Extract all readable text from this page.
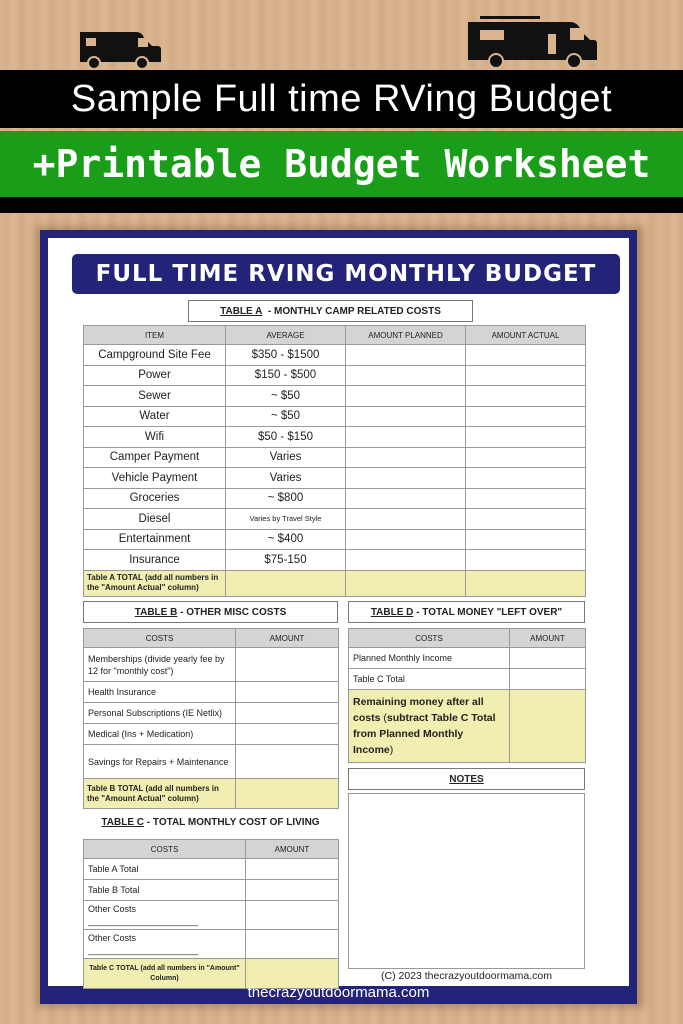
Sample Full time RVing Budget
+Printable Budget Worksheet
FULL TIME RVING MONTHLY BUDGET
TABLE A
- MONTHLY CAMP RELATED COSTS
ITEM	AVERAGE	AMOUNT PLANNED	AMOUNT ACTUAL
Campground Site Fee	$350 - $1500		
Power	$150 - $500		
Sewer	~ $50		
Water	~ $50		
Wifi	$50 - $150		
Camper Payment	Varies		
Vehicle Payment	Varies		
Groceries	~ $800		
Diesel	Varies by Travel Style		
Entertainment	~ $400		
Insurance	$75-150		
Table A TOTAL (add all numbers in the "Amount Actual" column)			
TABLE B
- OTHER MISC COSTS
COSTS	AMOUNT
Memberships (divide yearly fee by 12 for "monthly cost")	
Health Insurance	
Personal Subscriptions (IE Netlix)	
Medical (Ins + Medication)	
Savings for Repairs + Maintenance	
Table B TOTAL (add all numbers in the "Amount Actual" column)	
TABLE C
- TOTAL MONTHLY COST OF LIVING
COSTS	AMOUNT
Table A Total	
Table B Total	
Other Costs ______________________	
Other Costs ______________________	
Table C TOTAL (add all numbers in "Amount" Column)	
TABLE D
- TOTAL MONEY "LEFT OVER"
COSTS	AMOUNT
Planned Monthly Income	
Table C Total	
Remaining money after all costs (subtract Table C Total from Planned Monthly Income)	
NOTES
(C) 2023 thecrazyoutdoormama.com
thecrazyoutdoormama.com
